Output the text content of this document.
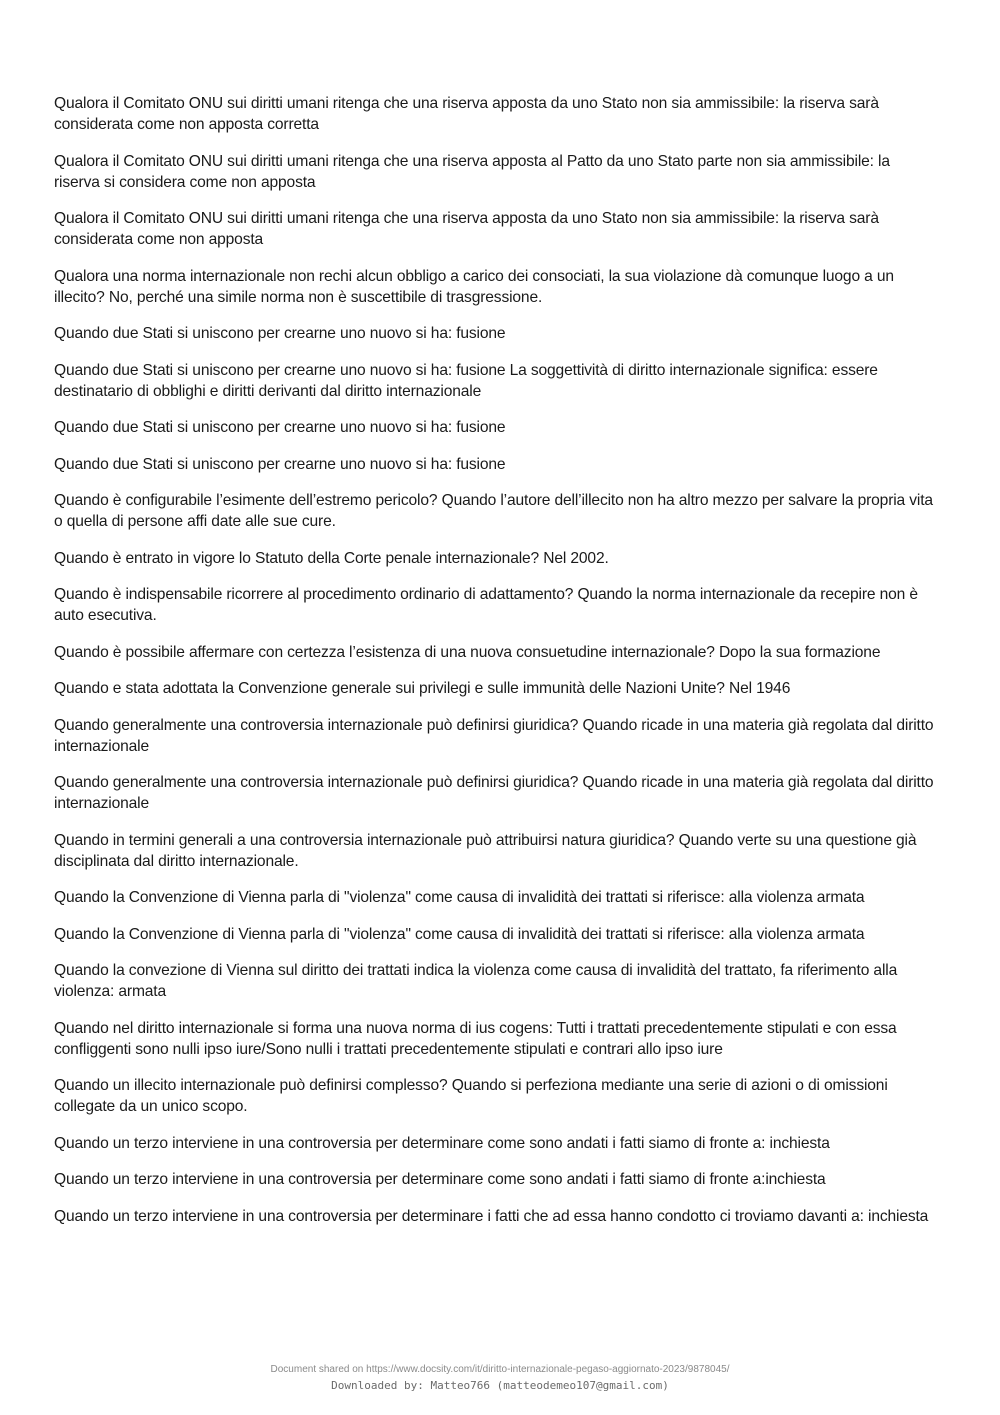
Qualora il Comitato ONU sui diritti umani ritenga che una riserva apposta da uno Stato non sia ammissibile: la riserva sarà considerata come non apposta corretta

Qualora il Comitato ONU sui diritti umani ritenga che una riserva apposta al Patto da uno Stato parte non sia ammissibile: la riserva si considera come non apposta

Qualora il Comitato ONU sui diritti umani ritenga che una riserva apposta da uno Stato non sia ammissibile: la riserva sarà considerata come non apposta

Qualora una norma internazionale non rechi alcun obbligo a carico dei consociati, la sua violazione dà comunque luogo a un illecito? No, perché una simile norma non è suscettibile di trasgressione.

Quando due Stati si uniscono per crearne uno nuovo si ha: fusione

Quando due Stati si uniscono per crearne uno nuovo si ha: fusione La soggettività di diritto internazionale significa: essere destinatario di obblighi e diritti derivanti dal diritto internazionale

Quando due Stati si uniscono per crearne uno nuovo si ha: fusione

Quando due Stati si uniscono per crearne uno nuovo si ha: fusione

Quando è configurabile l’esimente dell’estremo pericolo? Quando l’autore dell’illecito non ha altro mezzo per salvare la propria vita o quella di persone affi date alle sue cure.

Quando è entrato in vigore lo Statuto della Corte penale internazionale? Nel 2002.

Quando è indispensabile ricorrere al procedimento ordinario di adattamento? Quando la norma internazionale da recepire non è auto esecutiva.

Quando è possibile affermare con certezza l’esistenza di una nuova consuetudine internazionale? Dopo la sua formazione

Quando e stata adottata la Convenzione generale sui privilegi e sulle immunità delle Nazioni Unite? Nel 1946

Quando generalmente una controversia internazionale può definirsi giuridica? Quando ricade in una materia già regolata dal diritto internazionale

Quando generalmente una controversia internazionale può definirsi giuridica? Quando ricade in una materia già regolata dal diritto internazionale

Quando in termini generali a una controversia internazionale può attribuirsi natura giuridica? Quando verte su una questione già disciplinata dal diritto internazionale.

Quando la Convenzione di Vienna parla di "violenza" come causa di invalidità dei trattati si riferisce: alla violenza armata

Quando la Convenzione di Vienna parla di "violenza" come causa di invalidità dei trattati si riferisce: alla violenza armata

Quando la convezione di Vienna sul diritto dei trattati indica la violenza come causa di invalidità del trattato, fa riferimento alla violenza: armata

Quando nel diritto internazionale si forma una nuova norma di ius cogens: Tutti i trattati precedentemente stipulati e con essa confliggenti sono nulli ipso iure/Sono nulli i trattati precedentemente stipulati e contrari allo ipso iure

Quando un illecito internazionale può definirsi complesso? Quando si perfeziona mediante una serie di azioni o di omissioni collegate da un unico scopo.

Quando un terzo interviene in una controversia per determinare come sono andati i fatti siamo di fronte a: inchiesta

Quando un terzo interviene in una controversia per determinare come sono andati i fatti siamo di fronte a:inchiesta

Quando un terzo interviene in una controversia per determinare i fatti che ad essa hanno condotto ci troviamo davanti a: inchiesta

Document shared on https://www.docsity.com/it/diritto-internazionale-pegaso-aggiornato-2023/9878045/
Downloaded by: Matteo766 (matteodemeo107@gmail.com)
